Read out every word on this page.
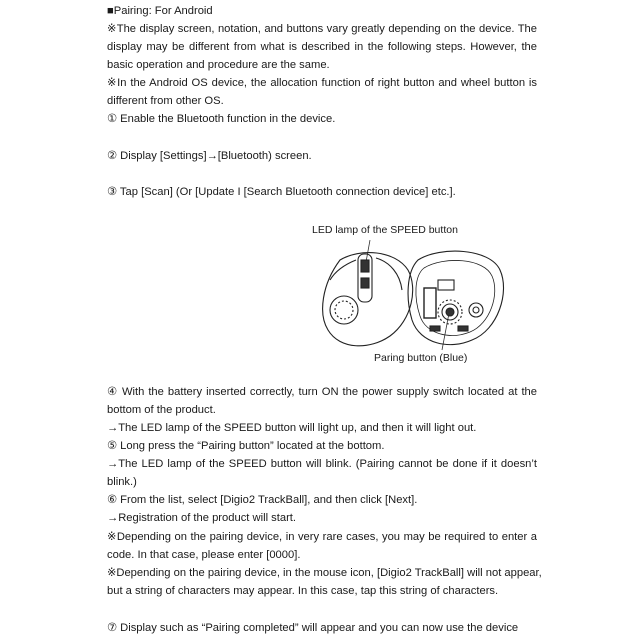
■Pairing: For Android
※The display screen, notation, and buttons vary greatly depending on the device. The
display may be different from what is described in the following steps. However, the
basic operation and procedure are the same.
※In the Android OS device, the allocation function of right button and wheel button is
different from other OS.
① Enable the Bluetooth function in the device.
② Display [Settings]→[Bluetooth) screen.
③ Tap [Scan] (Or [Update I [Search Bluetooth connection device] etc.].
LED lamp of the SPEED button
Paring button (Blue)
④ With the battery inserted correctly, turn ON the power supply switch located at the
bottom of the product.
→The LED lamp of the SPEED button will light up, and then it will light out.
⑤ Long press the “Pairing button” located at the bottom.
→The LED lamp of the SPEED button will blink. (Pairing cannot be done if it doesn’t
blink.)
⑥ From the list, select [Digio2 TrackBall], and then click [Next].
→Registration of the product will start.
※Depending on the pairing device, in very rare cases, you may be required to enter a
code. In that case, please enter [0000].
※Depending on the pairing device, in the mouse icon, [Digio2 TrackBall] will not appear,
but a string of characters may appear. In this case, tap this string of characters.
⑦ Display such as “Pairing completed” will appear and you can now use the device
